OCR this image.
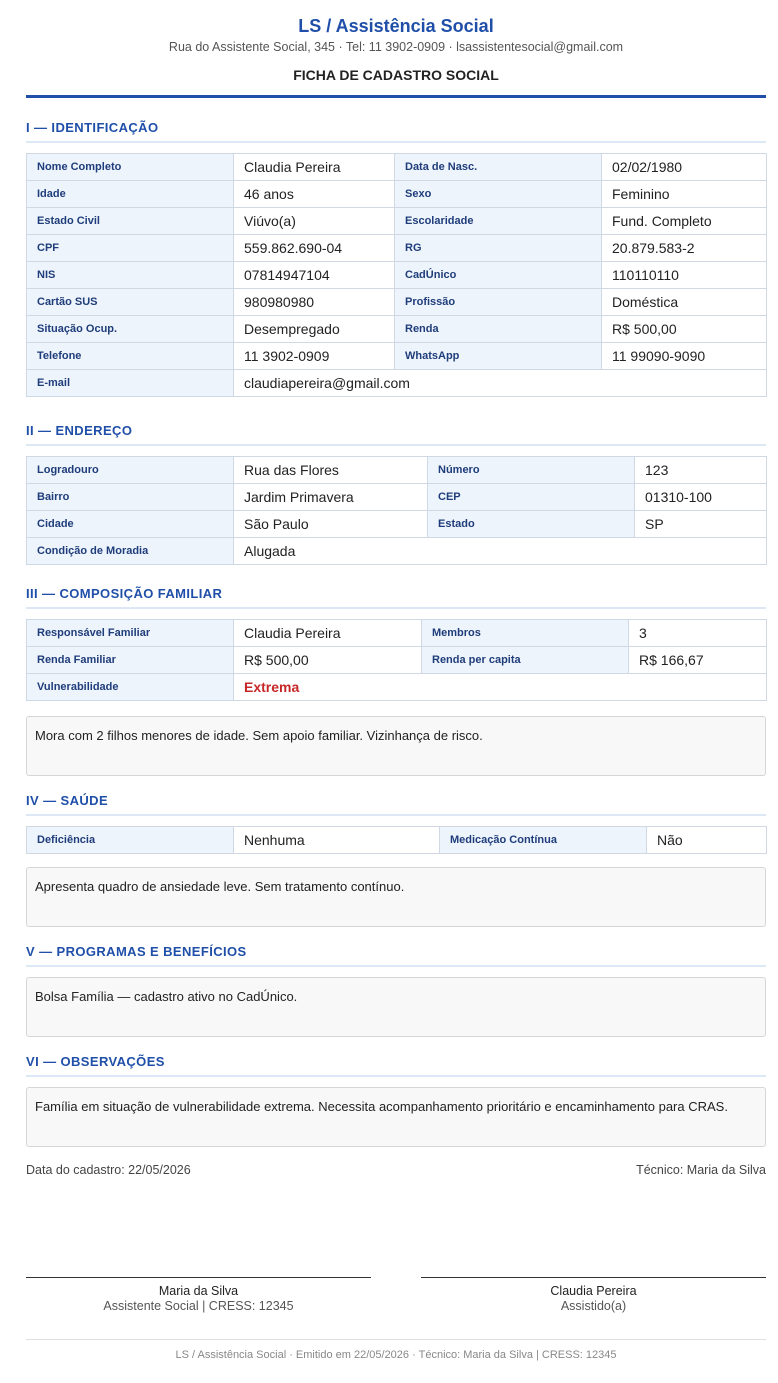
LS / Assistência Social
Rua do Assistente Social, 345 · Tel: 11 3902-0909 · lsassistentesocial@gmail.com
FICHA DE CADASTRO SOCIAL
I — IDENTIFICAÇÃO
Nome Completo	Claudia Pereira	Data de Nasc.	02/02/1980
Idade	46 anos	Sexo	Feminino
Estado Civil	Viúvo(a)	Escolaridade	Fund. Completo
CPF	559.862.690-04	RG	20.879.583-2
NIS	07814947104	CadÚnico	110110110
Cartão SUS	980980980	Profissão	Doméstica
Situação Ocup.	Desempregado	Renda	R$ 500,00
Telefone	11 3902-0909	WhatsApp	11 99090-9090
E-mail	claudiapereira@gmail.com		
II — ENDEREÇO
Logradouro	Rua das Flores	Número	123
Bairro	Jardim Primavera	CEP	01310-100
Cidade	São Paulo	Estado	SP
Condição de Moradia	Alugada		
III — COMPOSIÇÃO FAMILIAR
Responsável Familiar	Claudia Pereira	Membros	3
Renda Familiar	R$ 500,00	Renda per capita	R$ 166,67
Vulnerabilidade	Extrema		
Mora com 2 filhos menores de idade. Sem apoio familiar. Vizinhança de risco.
IV — SAÚDE
Deficiência	Nenhuma	Medicação Contínua	Não
Apresenta quadro de ansiedade leve. Sem tratamento contínuo.
V — PROGRAMAS E BENEFÍCIOS
Bolsa Família — cadastro ativo no CadÚnico.
VI — OBSERVAÇÕES
Família em situação de vulnerabilidade extrema. Necessita acompanhamento prioritário e encaminhamento para CRAS.
Data do cadastro: 22/05/2026	Técnico: Maria da Silva
Maria da Silva
Assistente Social | CRESS: 12345
Claudia Pereira
Assistido(a)
LS / Assistência Social · Emitido em 22/05/2026 · Técnico: Maria da Silva | CRESS: 12345
